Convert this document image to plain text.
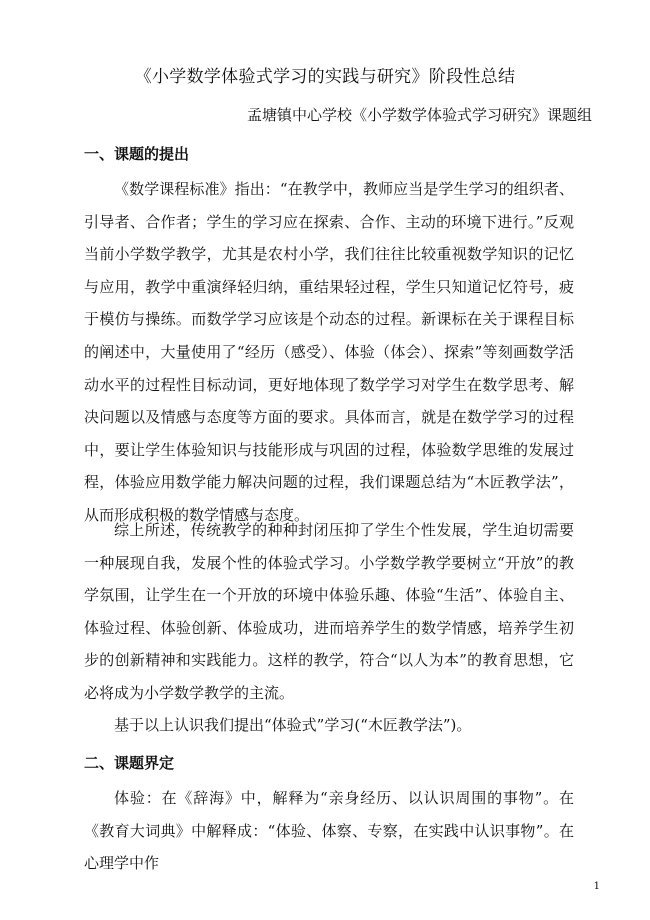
《小学数学体验式学习的实践与研究》阶段性总结
孟塘镇中心学校《小学数学体验式学习研究》课题组
一、课题的提出

《数学课程标准》指出：“在教学中，教师应当是学生学习的组织者、引导者、合作者；学生的学习应在探索、合作、主动的环境下进行。”反观当前小学数学教学，尤其是农村小学，我们往往比较重视数学知识的记忆与应用，教学中重演绎轻归纳，重结果轻过程，学生只知道记忆符号，疲于模仿与操练。而数学学习应该是个动态的过程。新课标在关于课程目标的阐述中，大量使用了“经历（感受）、体验（体会）、探索”等刻画数学活动水平的过程性目标动词，更好地体现了数学学习对学生在数学思考、解决问题以及情感与态度等方面的要求。具体而言，就是在数学学习的过程中，要让学生体验知识与技能形成与巩固的过程，体验数学思维的发展过程，体验应用数学能力解决问题的过程，我们课题总结为“木匠教学法”，从而形成积极的数学情感与态度。

综上所述，传统教学的种种封闭压抑了学生个性发展，学生迫切需要一种展现自我，发展个性的体验式学习。小学数学教学要树立“开放”的教学氛围，让学生在一个开放的环境中体验乐趣、体验“生活”、体验自主、体验过程、体验创新、体验成功，进而培养学生的数学情感，培养学生初步的创新精神和实践能力。这样的教学，符合“以人为本”的教育思想，它必将成为小学数学教学的主流。

基于以上认识我们提出“体验式”学习(“木匠教学法”)。

二、课题界定

体验：在《辞海》中，解释为“亲身经历、以认识周围的事物”。在《教育大词典》中解释成：“体验、体察、专察，在实践中认识事物”。在心理学中作

1
